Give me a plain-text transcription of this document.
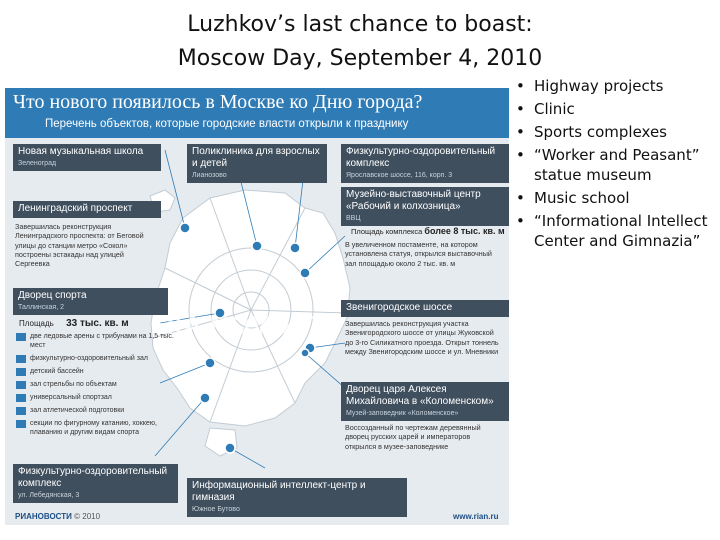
Luzhkov’s last chance to boast:
Moscow Day, September 4, 2010
Что нового появилось в Москве ко Дню города?
Перечень объектов, которые городские власти открыли к празднику
Новая музыкальная школа
Зеленоград
Поликлиника для взрослых и детей
Лианозово
Физкультурно-оздоровительный комплекс
Ярославское шоссе, 116, корп. 3
Музейно-выставочный центр «Рабочий и колхозница»
ВВЦ
Площадь комплекса более 8 тыс. кв. м
В увеличенном постаменте, на котором установлена статуя, открылся выставочный зал площадью около 2 тыс. кв. м
Ленинградский проспект
Завершилась реконструкция Ленинградского проспекта: от Беговой улицы до станции метро «Сокол» построены эстакады над улицей Сергеевка
Дворец спорта
Таллинская, 2
Площадь 33 тыс. кв. м
две ледовые арены с трибунами на 1,5 тыс. мест
физкультурно-оздоровительный зал
детский бассейн
зал стрельбы по объектам
универсальный спортзал
зал атлетической подготовки
секции по фигурному катанию, хоккею, плаванию и другим видам спорта
Звенигородское шоссе
Завершилась реконструкция участка Звенигородского шоссе от улицы Жуковской до 3-го Силикатного проезда. Открыт тоннель между Звенигородским шоссе и ул. Мневники
Дворец царя Алексея Михайловича в «Коломенском»
Музей-заповедник «Коломенское»
Воссозданный по чертежам деревянный дворец русских царей и императоров открылся в музее-заповеднике
Физкультурно-оздоровительный комплекс
ул. Лебедянская, 3
Информационный интеллект-центр и гимназия
Южное Бутово
RIA NOVOSTI
РИАНОВОСТИ © 2010	www.rian.ru
• Highway projects
• Clinic
• Sports complexes
• “Worker and Peasant” statue museum
• Music school
• “Informational Intellect Center and Gimnazia”
